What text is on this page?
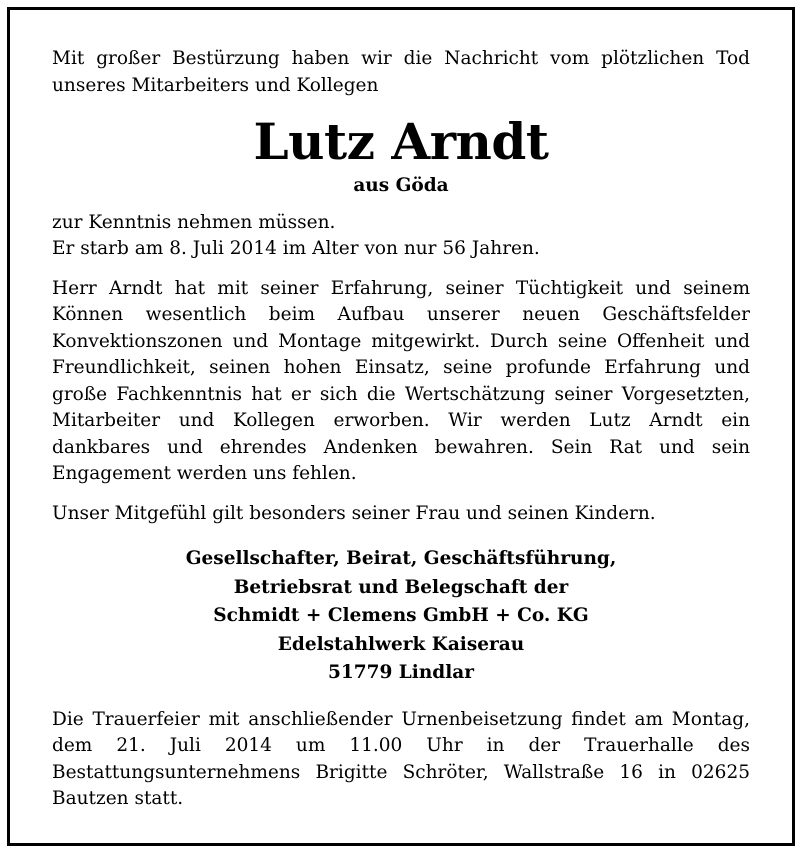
Mit großer Bestürzung haben wir die Nachricht vom plötzlichen Tod unseres Mitarbeiters und Kollegen

Lutz Arndt
aus Göda
zur Kenntnis nehmen müssen.
Er starb am 8. Juli 2014 im Alter von nur 56 Jahren.

Herr Arndt hat mit seiner Erfahrung, seiner Tüchtigkeit und seinem Können wesentlich beim Aufbau unserer neuen Geschäftsfelder Konvektionszonen und Montage mitgewirkt. Durch seine Offenheit und Freundlichkeit, seinen hohen Einsatz, seine profunde Erfahrung und große Fachkenntnis hat er sich die Wertschätzung seiner Vorgesetzten, Mitarbeiter und Kollegen erworben. Wir werden Lutz Arndt ein dankbares und ehrendes Andenken bewahren. Sein Rat und sein Engagement werden uns fehlen.

Unser Mitgefühl gilt besonders seiner Frau und seinen Kindern.

Gesellschafter, Beirat, Geschäftsführung,
Betriebsrat und Belegschaft der
Schmidt + Clemens GmbH + Co. KG
Edelstahlwerk Kaiserau
51779 Lindlar

Die Trauerfeier mit anschließender Urnenbeisetzung findet am Montag, dem 21. Juli 2014 um 11.00 Uhr in der Trauerhalle des Bestattungsunternehmens Brigitte Schröter, Wallstraße 16 in 02625 Bautzen statt.
